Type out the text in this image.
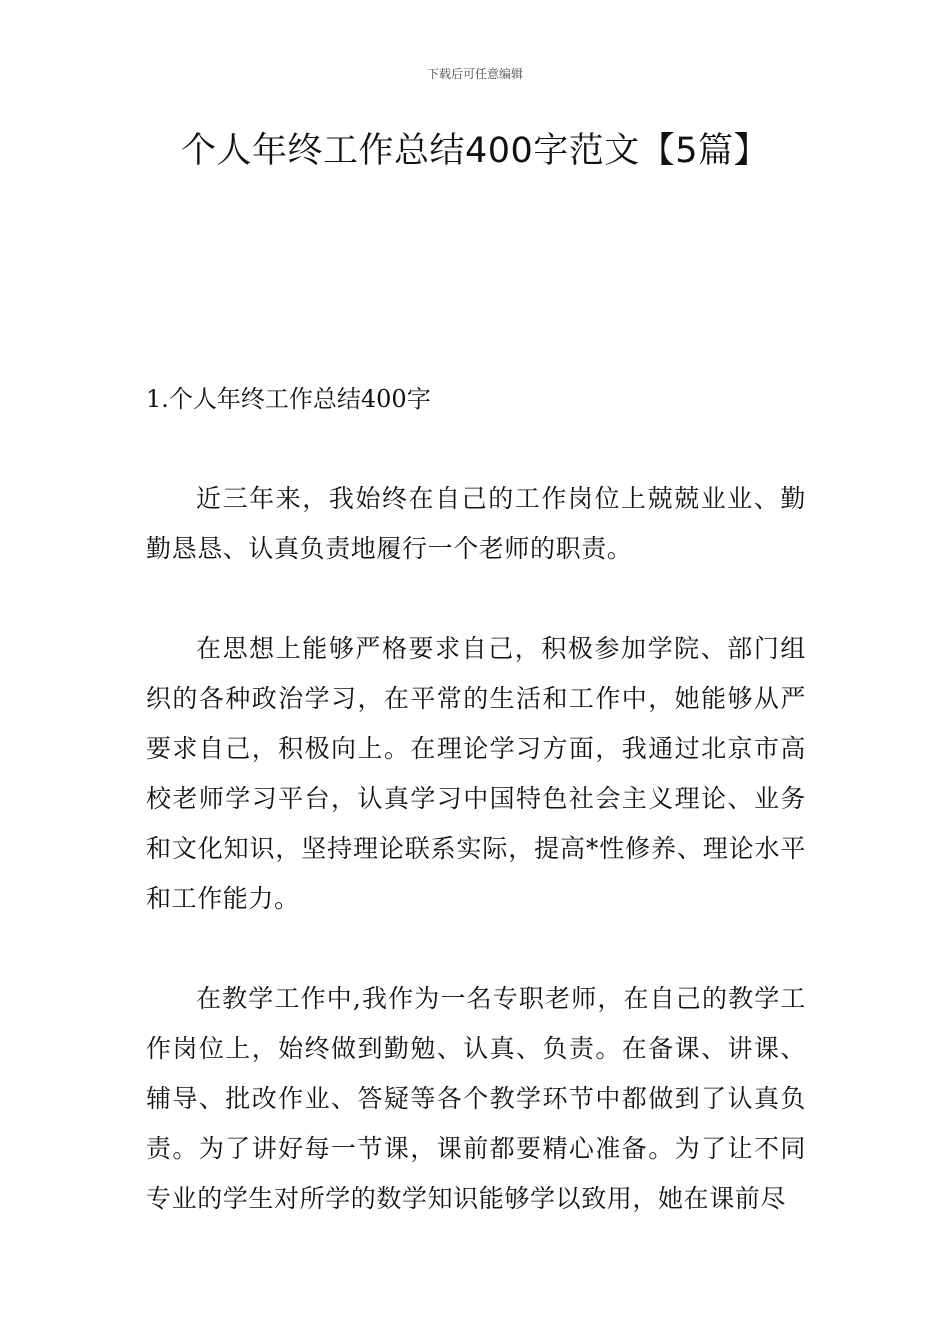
下载后可任意编辑
个人年终工作总结400字范文【5篇】
1.个人年终工作总结400字

近三年来，我始终在自己的工作岗位上兢兢业业、勤勤恳恳、认真负责地履行一个老师的职责。

在思想上能够严格要求自己，积极参加学院、部门组织的各种政治学习，在平常的生活和工作中，她能够从严要求自己，积极向上。在理论学习方面，我通过北京市高校老师学习平台，认真学习中国特色社会主义理论、业务和文化知识，坚持理论联系实际，提高*性修养、理论水平和工作能力。

在教学工作中,我作为一名专职老师，在自己的教学工作岗位上，始终做到勤勉、认真、负责。在备课、讲课、辅导、批改作业、答疑等各个教学环节中都做到了认真负责。为了讲好每一节课，课前都要精心准备。为了让不同专业的学生对所学的数学知识能够学以致用，她在课前尽
